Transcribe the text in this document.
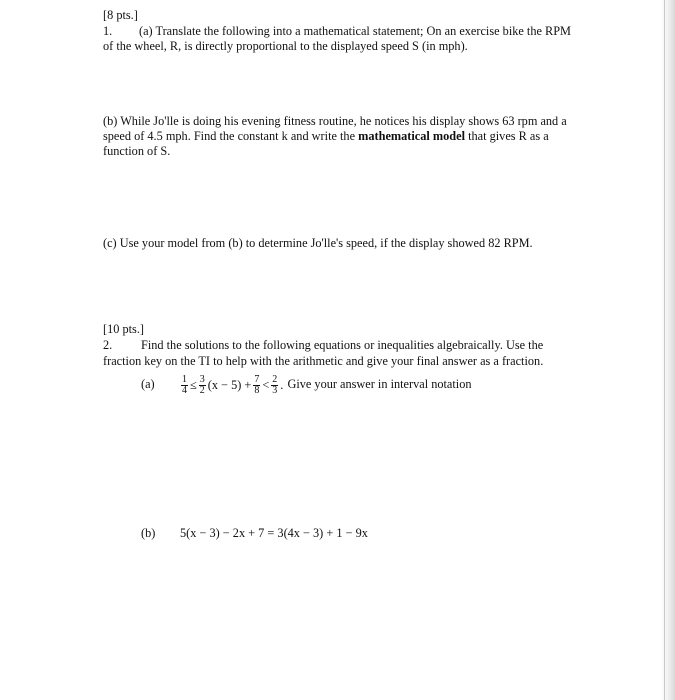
[8 pts.]
1. (a) Translate the following into a mathematical statement; On an exercise bike the RPM
of the wheel, R, is directly proportional to the displayed speed S (in mph).
(b) While Jo'lle is doing his evening fitness routine, he notices his display shows 63 rpm and a
speed of 4.5 mph. Find the constant k and write the mathematical model that gives R as a
function of S.
(c) Use your model from (b) to determine Jo'lle's speed, if the display showed 82 RPM.
[10 pts.]
2. Find the solutions to the following equations or inequalities algebraically. Use the
fraction key on the TI to help with the arithmetic and give your final answer as a fraction.
(a)	$\frac{1}{4} \le \frac{3}{2} (x - 5) + \frac{7}{8} < \frac{2}{3}$ . Give your answer in interval notation
(b) 5(x − 3) − 2x + 7 = 3(4x − 3) + 1 − 9x
